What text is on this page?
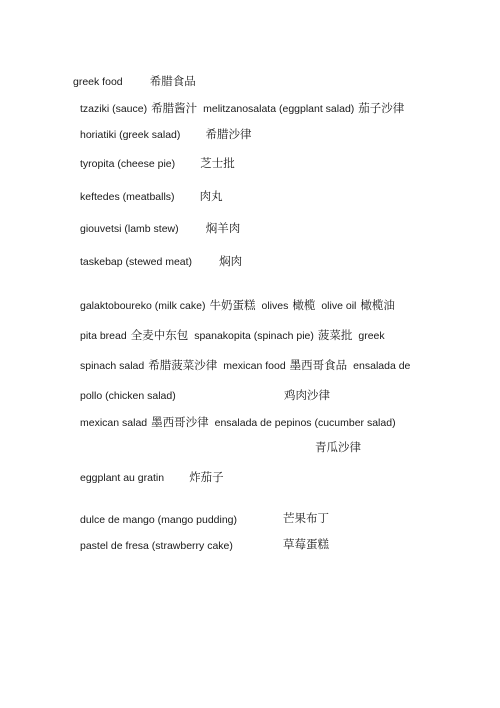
greek food 希腊食品
tzaziki (sauce) 希腊酱汁 melitzanosalata (eggplant salad) 茄子沙律
horiatiki (greek salad) 希腊沙律
tyropita (cheese pie) 芝士批
keftedes (meatballs) 肉丸
giouvetsi (lamb stew) 焖羊肉
taskebap (stewed meat) 焖肉
galaktoboureko (milk cake) 牛奶蛋糕 olives 橄榄 olive oil 橄榄油
pita bread 全麦中东包 spanakopita (spinach pie) 菠菜批 greek
spinach salad 希腊菠菜沙律 mexican food 墨西哥食品 ensalada de
pollo (chicken salad)	鸡肉沙律
mexican salad 墨西哥沙律 ensalada de pepinos (cucumber salad)
青瓜沙律
eggplant au gratin 炸茄子
dulce de mango (mango pudding)	芒果布丁
pastel de fresa (strawberry cake)	草莓蛋糕
